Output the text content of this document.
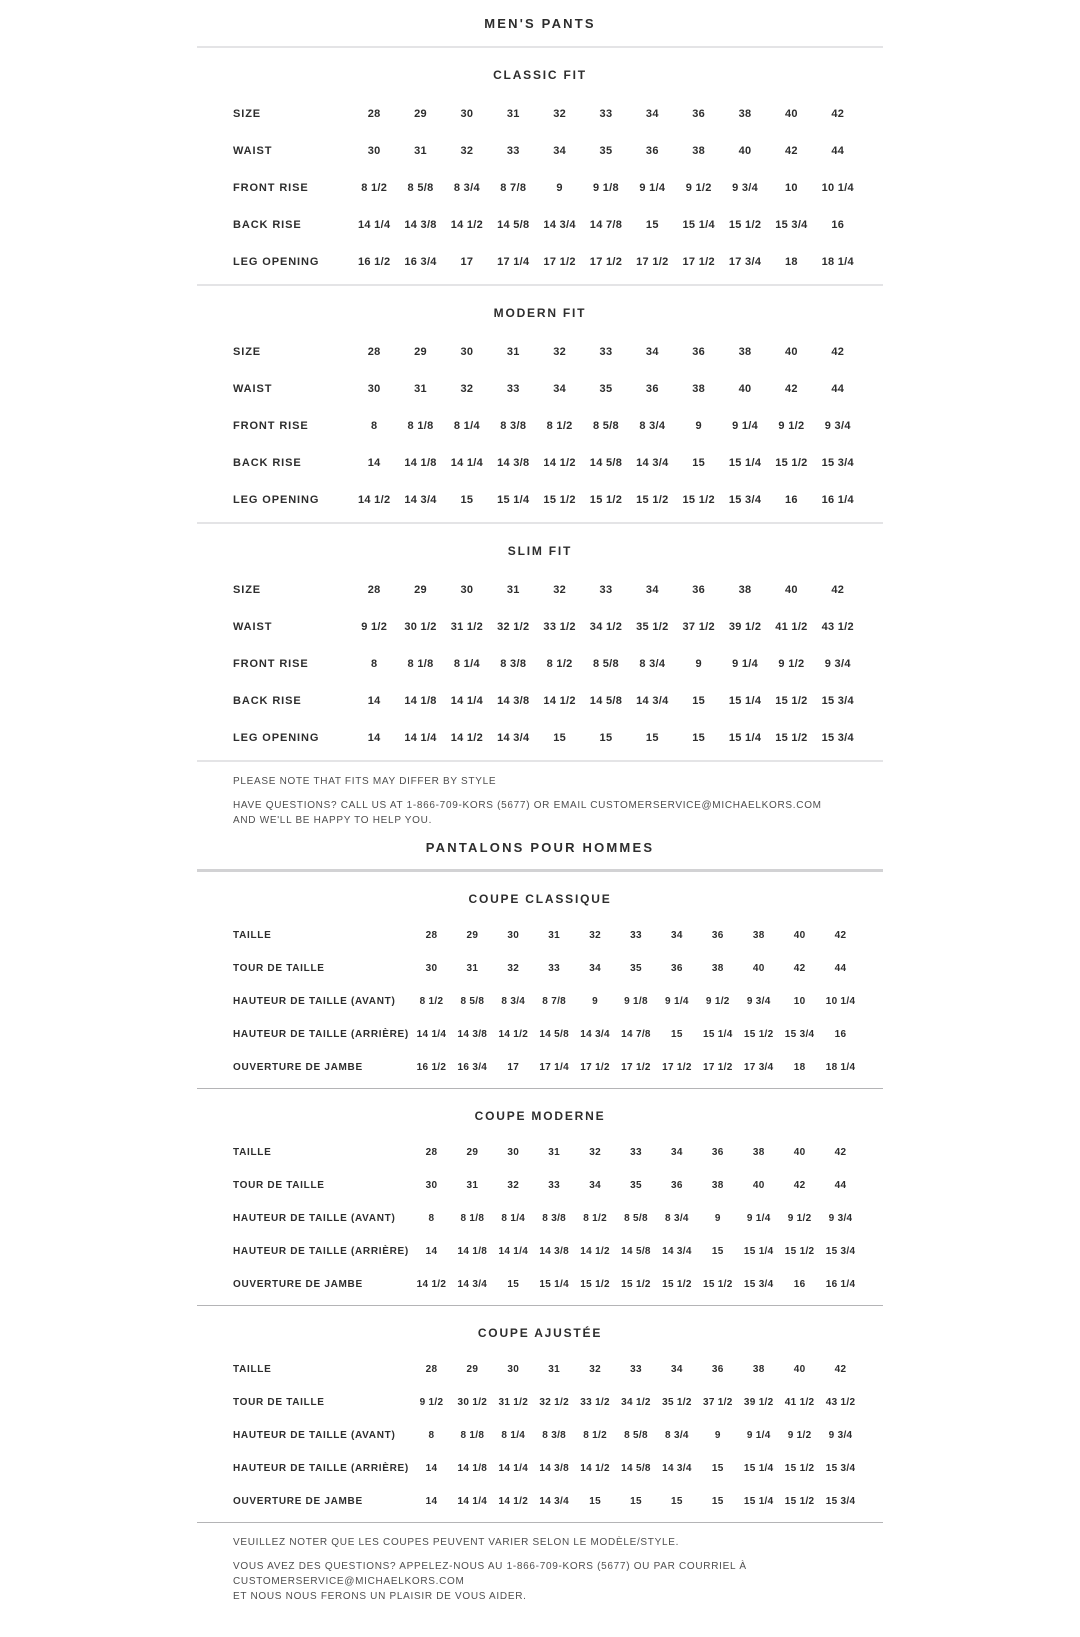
MEN'S PANTS
CLASSIC FIT
SIZE	28	29	30	31	32	33	34	36	38	40	42
WAIST	30	31	32	33	34	35	36	38	40	42	44
FRONT RISE	8 1/2	8 5/8	8 3/4	8 7/8	9	9 1/8	9 1/4	9 1/2	9 3/4	10	10 1/4
BACK RISE	14 1/4	14 3/8	14 1/2	14 5/8	14 3/4	14 7/8	15	15 1/4	15 1/2	15 3/4	16
LEG OPENING	16 1/2	16 3/4	17	17 1/4	17 1/2	17 1/2	17 1/2	17 1/2	17 3/4	18	18 1/4
MODERN FIT
SIZE	28	29	30	31	32	33	34	36	38	40	42
WAIST	30	31	32	33	34	35	36	38	40	42	44
FRONT RISE	8	8 1/8	8 1/4	8 3/8	8 1/2	8 5/8	8 3/4	9	9 1/4	9 1/2	9 3/4
BACK RISE	14	14 1/8	14 1/4	14 3/8	14 1/2	14 5/8	14 3/4	15	15 1/4	15 1/2	15 3/4
LEG OPENING	14 1/2	14 3/4	15	15 1/4	15 1/2	15 1/2	15 1/2	15 1/2	15 3/4	16	16 1/4
SLIM FIT
SIZE	28	29	30	31	32	33	34	36	38	40	42
WAIST	9 1/2	30 1/2	31 1/2	32 1/2	33 1/2	34 1/2	35 1/2	37 1/2	39 1/2	41 1/2	43 1/2
FRONT RISE	8	8 1/8	8 1/4	8 3/8	8 1/2	8 5/8	8 3/4	9	9 1/4	9 1/2	9 3/4
BACK RISE	14	14 1/8	14 1/4	14 3/8	14 1/2	14 5/8	14 3/4	15	15 1/4	15 1/2	15 3/4
LEG OPENING	14	14 1/4	14 1/2	14 3/4	15	15	15	15	15 1/4	15 1/2	15 3/4

PLEASE NOTE THAT FITS MAY DIFFER BY STYLE

HAVE QUESTIONS? CALL US AT 1-866-709-KORS (5677) OR EMAIL CUSTOMERSERVICE@MICHAELKORS.COM
AND WE'LL BE HAPPY TO HELP YOU.

PANTALONS POUR HOMMES
COUPE CLASSIQUE
TAILLE	28	29	30	31	32	33	34	36	38	40	42
TOUR DE TAILLE	30	31	32	33	34	35	36	38	40	42	44
HAUTEUR DE TAILLE (AVANT)	8 1/2	8 5/8	8 3/4	8 7/8	9	9 1/8	9 1/4	9 1/2	9 3/4	10	10 1/4
HAUTEUR DE TAILLE (ARRIÈRE) 14 1/4	14 3/8	14 1/2	14 5/8	14 3/4	14 7/8	15	15 1/4	15 1/2	15 3/4	16
OUVERTURE DE JAMBE	16 1/2	16 3/4	17	17 1/4	17 1/2	17 1/2	17 1/2	17 1/2	17 3/4	18	18 1/4
COUPE MODERNE
TAILLE	28	29	30	31	32	33	34	36	38	40	42
TOUR DE TAILLE	30	31	32	33	34	35	36	38	40	42	44
HAUTEUR DE TAILLE (AVANT)	8	8 1/8	8 1/4	8 3/8	8 1/2	8 5/8	8 3/4	9	9 1/4	9 1/2	9 3/4
HAUTEUR DE TAILLE (ARRIÈRE)	14	14 1/8	14 1/4	14 3/8	14 1/2	14 5/8	14 3/4	15	15 1/4	15 1/2	15 3/4
OUVERTURE DE JAMBE	14 1/2	14 3/4	15	15 1/4	15 1/2	15 1/2	15 1/2	15 1/2	15 3/4	16	16 1/4
COUPE AJUSTÉE
TAILLE	28	29	30	31	32	33	34	36	38	40	42
TOUR DE TAILLE	9 1/2	30 1/2	31 1/2	32 1/2	33 1/2	34 1/2	35 1/2	37 1/2	39 1/2	41 1/2	43 1/2
HAUTEUR DE TAILLE (AVANT)	8	8 1/8	8 1/4	8 3/8	8 1/2	8 5/8	8 3/4	9	9 1/4	9 1/2	9 3/4
HAUTEUR DE TAILLE (ARRIÈRE)	14	14 1/8	14 1/4	14 3/8	14 1/2	14 5/8	14 3/4	15	15 1/4	15 1/2	15 3/4
OUVERTURE DE JAMBE	14	14 1/4	14 1/2	14 3/4	15	15	15	15	15 1/4	15 1/2	15 3/4

VEUILLEZ NOTER QUE LES COUPES PEUVENT VARIER SELON LE MODÈLE/STYLE.

VOUS AVEZ DES QUESTIONS? APPELEZ-NOUS AU 1-866-709-KORS (5677) OU PAR COURRIEL À CUSTOMERSERVICE@MICHAELKORS.COM
ET NOUS NOUS FERONS UN PLAISIR DE VOUS AIDER.
